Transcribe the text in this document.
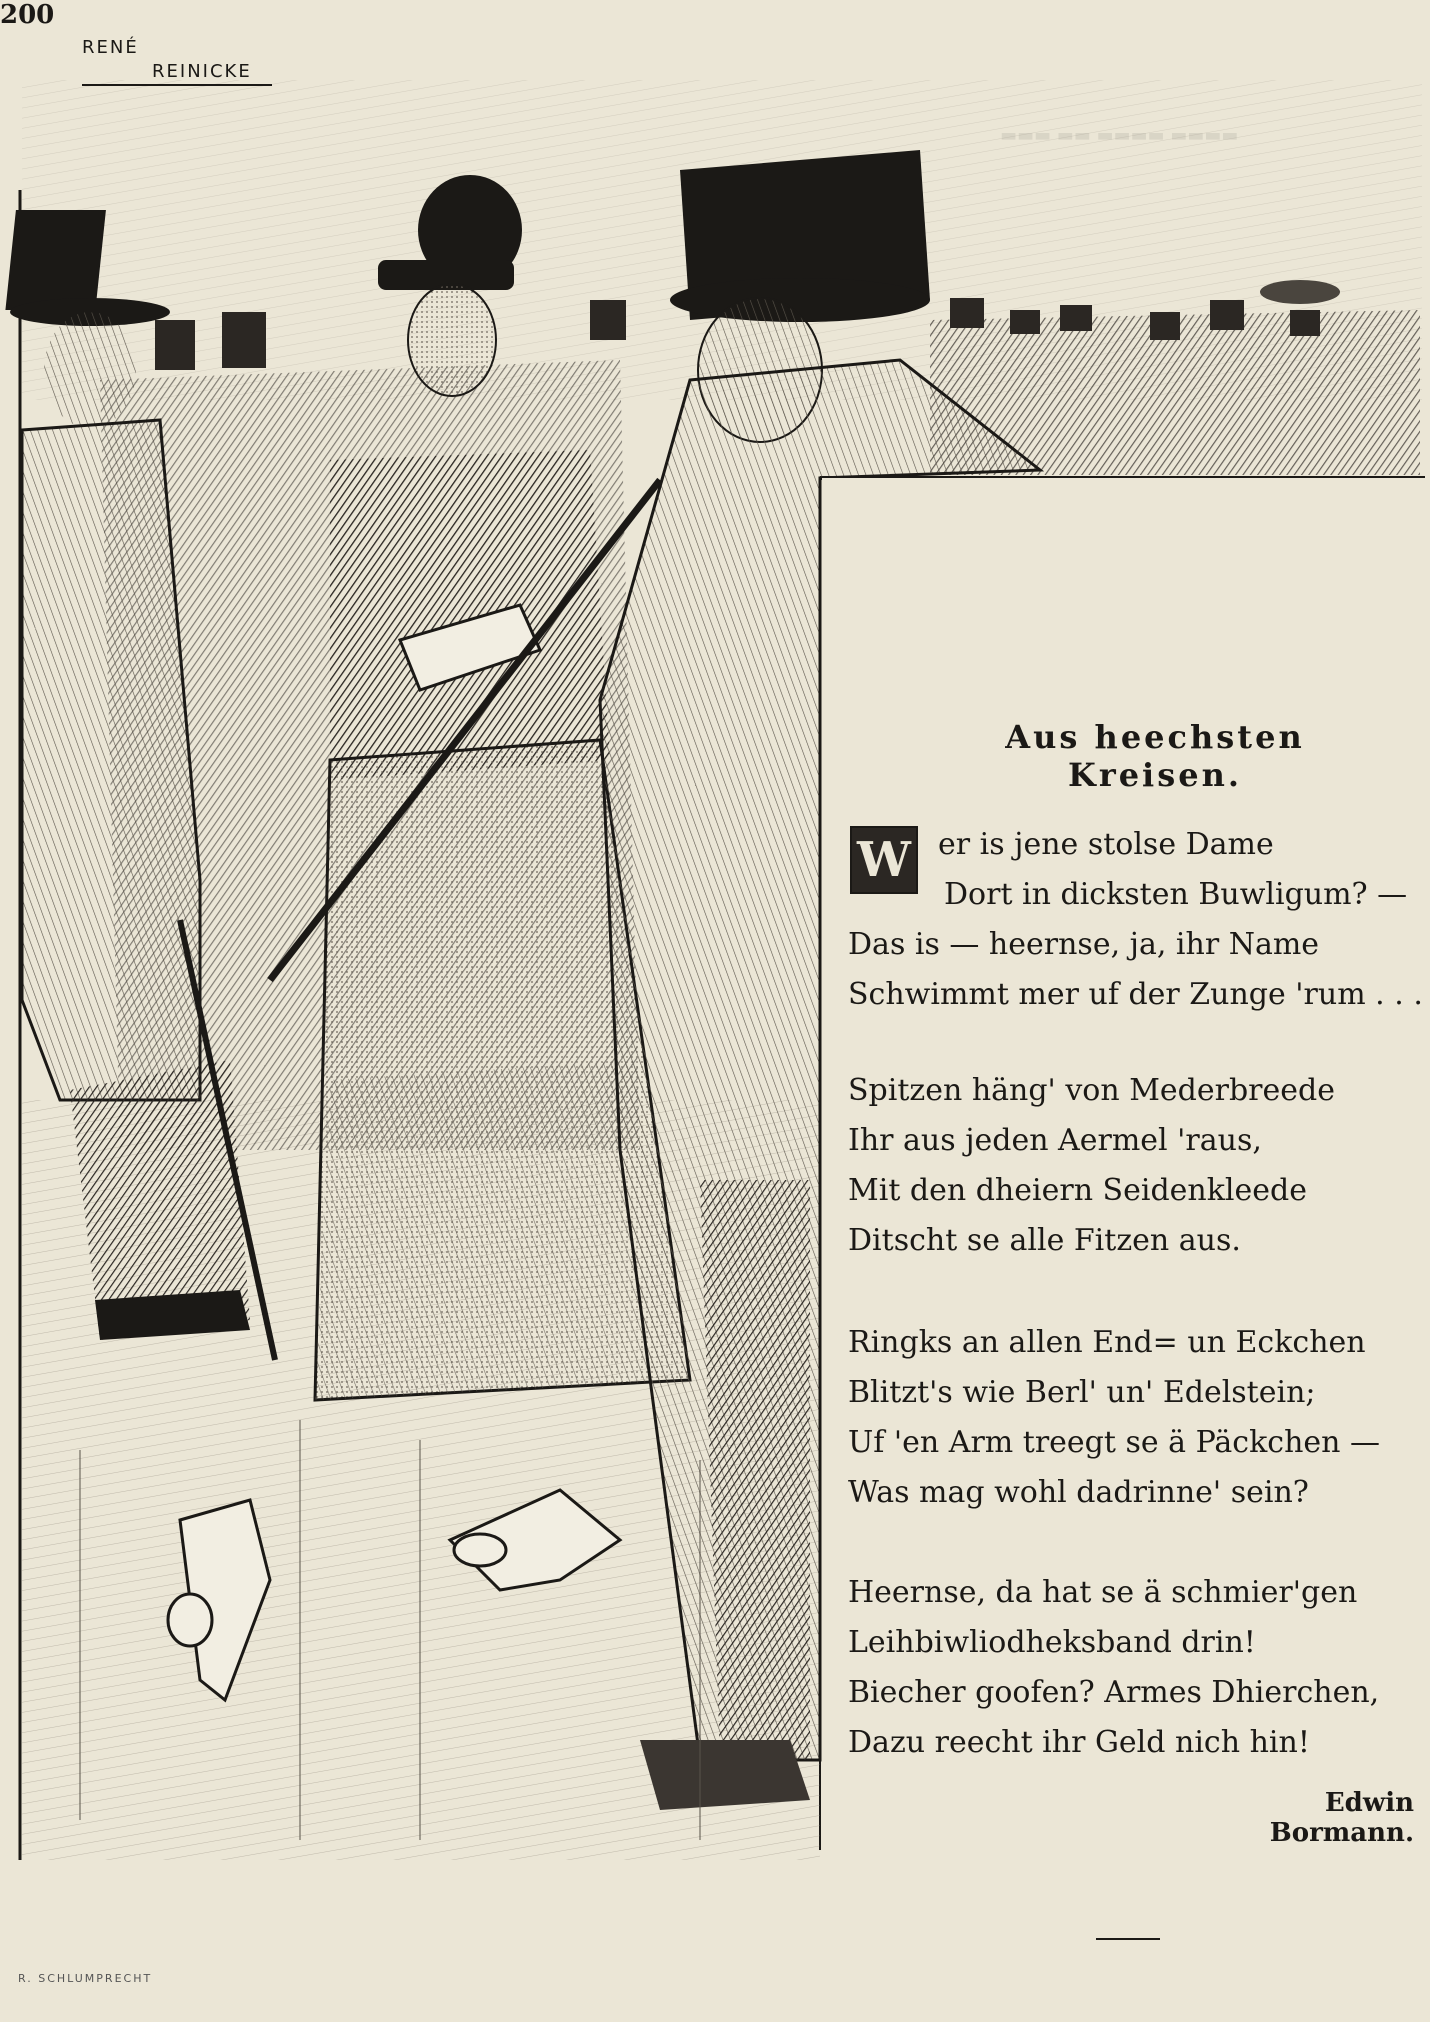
200
▬▬▬ ▬▬ ▬▬▬▬ ▬▬▬▬
RENÉ
REINICKE
R. SCHLUMPRECHT
Aus heechsten Kreisen.
W er is jene stolse Dame
Dort in dicksten Buwligum? —
Das is — heernse, ja, ihr Name
Schwimmt mer uf der Zunge 'rum . . .
Spitzen häng' von Mederbreede
Ihr aus jeden Aermel 'raus,
Mit den dheiern Seidenkleede
Ditscht se alle Fitzen aus.
Ringks an allen End= un Eckchen
Blitzt's wie Berl' un' Edelstein;
Uf 'en Arm treegt se ä Päckchen —
Was mag wohl dadrinne' sein?
Heernse, da hat se ä schmier'gen
Leihbiwliodheksband drin!
Biecher goofen? Armes Dhierchen,
Dazu reecht ihr Geld nich hin!
Edwin Bormann.
